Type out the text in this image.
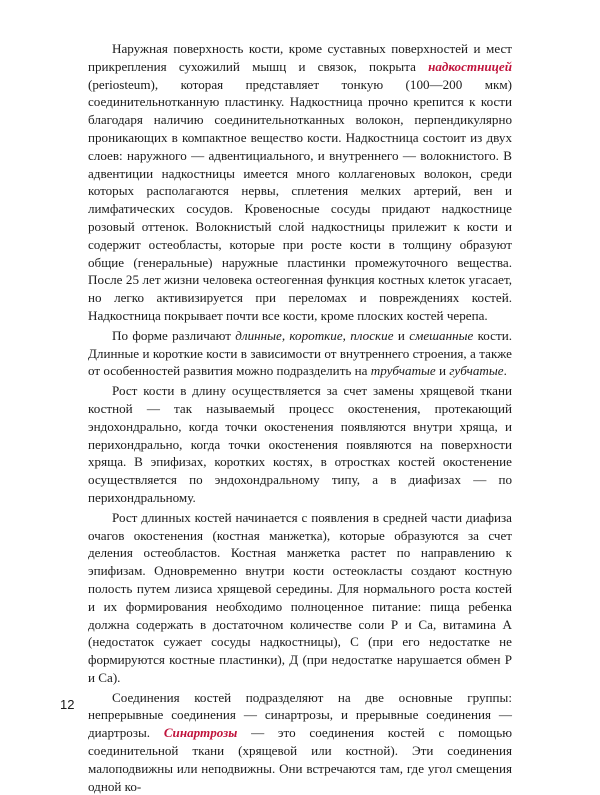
Наружная поверхность кости, кроме суставных поверхностей и мест прикрепления сухожилий мышц и связок, покрыта надкостницей (periosteum), которая представляет тонкую (100—200 мкм) соединительнотканную пластинку. Надкостница прочно крепится к кости благодаря наличию соединительнотканных волокон, перпендикулярно проникающих в компактное вещество кости. Надкостница состоит из двух слоев: наружного — адвентициального, и внутреннего — волокнистого. В адвентиции надкостницы имеется много коллагеновых волокон, среди которых располагаются нервы, сплетения мелких артерий, вен и лимфатических сосудов. Кровеносные сосуды придают надкостнице розовый оттенок. Волокнистый слой надкостницы прилежит к кости и содержит остеобласты, которые при росте кости в толщину образуют общие (генеральные) наружные пластинки промежуточного вещества. После 25 лет жизни человека остеогенная функция костных клеток угасает, но легко активизируется при переломах и повреждениях костей. Надкостница покрывает почти все кости, кроме плоских костей черепа.

По форме различают длинные, короткие, плоские и смешанные кости. Длинные и короткие кости в зависимости от внутреннего строения, а также от особенностей развития можно подразделить на трубчатые и губчатые.

Рост кости в длину осуществляется за счет замены хрящевой ткани костной — так называемый процесс окостенения, протекающий эндохондрально, когда точки окостенения появляются внутри хряща, и перихондрально, когда точки окостенения появляются на поверхности хряща. В эпифизах, коротких костях, в отростках костей окостенение осуществляется по эндохондральному типу, а в диафизах — по перихондральному.

Рост длинных костей начинается с появления в средней части диафиза очагов окостенения (костная манжетка), которые образуются за счет деления остеобластов. Костная манжетка растет по направлению к эпифизам. Одновременно внутри кости остеокласты создают костную полость путем лизиса хрящевой середины. Для нормального роста костей и их формирования необходимо полноценное питание: пища ребенка должна содержать в достаточном количестве соли Р и Са, витамина А (недостаток сужает сосуды надкостницы), С (при его недостатке не формируются костные пластинки), Д (при недостатке нарушается обмен Р и Са).

Соединения костей подразделяют на две основные группы: непрерывные соединения — синартрозы, и прерывные соединения — диартрозы. Синартрозы — это соединения костей с помощью соединительной ткани (хрящевой или костной). Эти соединения малоподвижны или неподвижны. Они встречаются там, где угол смещения одной ко-

12
